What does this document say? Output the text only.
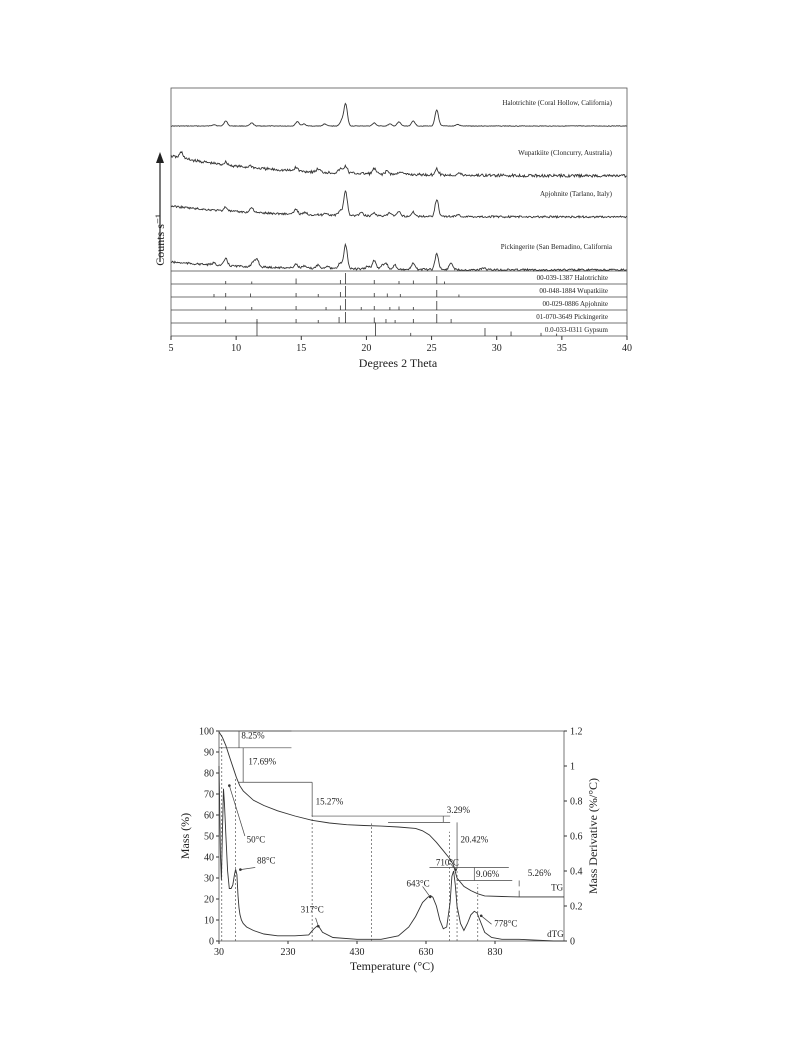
Counts s⁻¹
Halotrichite (Coral Hollow, California)
Wupatkiite (Cloncurry, Australia)
Apjohnite (Tarlano, Italy)
Pickingerite (San Bernadino, California
00-039-1387 Halotrichite
00-048-1884 Wupatkiite
00-029-0886 Apjohnite
01-070-3649 Pickingerite
0.0-033-0311 Gypsum
5	10	15	20	25	30	35	40
Degrees 2 Theta
0
10
20
30
40
50
60
70
80
90
100
0
0.2
0.4
0.6
0.8
1
1.2
30	230	430	630	830
8.25%
17.69%
15.27%
3.29%
20.42%
9.06%	5.26%
TG
dTG
50°C
88°C
317°C
643°C
710°C
778°C
Mass (%)	Mass Derivative (%/°C)
Temperature (°C)
